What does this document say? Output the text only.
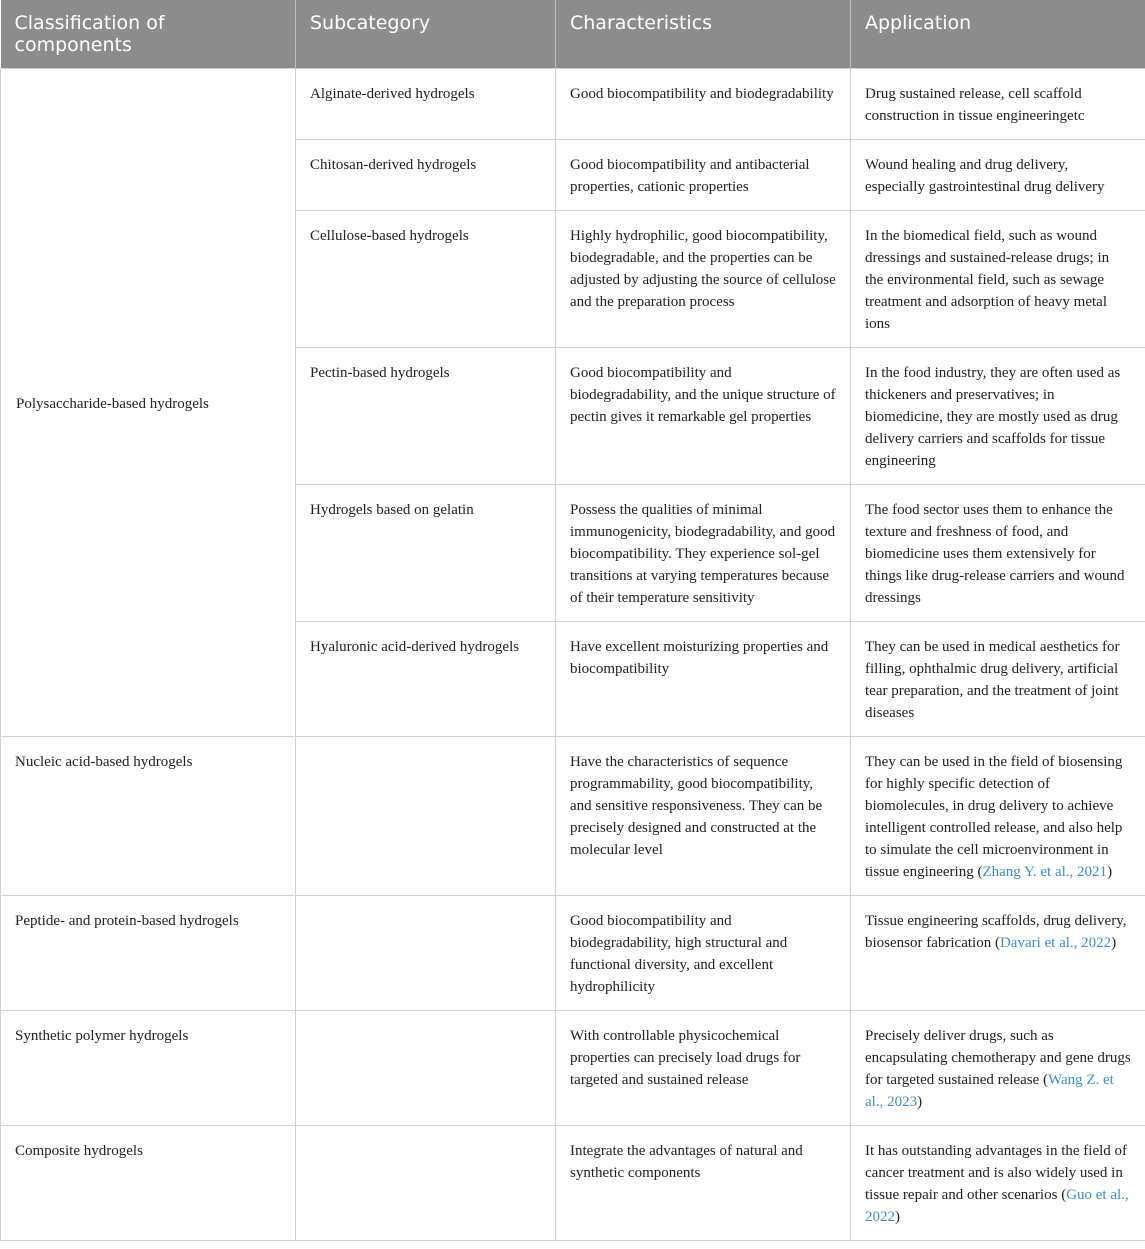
Classification of components	Subcategory	Characteristics	Application
Polysaccharide-based hydrogels	Alginate-derived hydrogels	Good biocompatibility and biodegradability	Drug sustained release, cell scaffold construction in tissue engineeringetc
	Chitosan-derived hydrogels	Good biocompatibility and antibacterial properties, cationic properties	Wound healing and drug delivery, especially gastrointestinal drug delivery
	Cellulose-based hydrogels	Highly hydrophilic, good biocompatibility, biodegradable, and the properties can be adjusted by adjusting the source of cellulose and the preparation process	In the biomedical field, such as wound dressings and sustained-release drugs; in the environmental field, such as sewage treatment and adsorption of heavy metal ions
	Pectin-based hydrogels	Good biocompatibility and biodegradability, and the unique structure of pectin gives it remarkable gel properties	In the food industry, they are often used as thickeners and preservatives; in biomedicine, they are mostly used as drug delivery carriers and scaffolds for tissue engineering
	Hydrogels based on gelatin	Possess the qualities of minimal immunogenicity, biodegradability, and good biocompatibility. They experience sol-gel transitions at varying temperatures because of their temperature sensitivity	The food sector uses them to enhance the texture and freshness of food, and biomedicine uses them extensively for things like drug-release carriers and wound dressings
	Hyaluronic acid-derived hydrogels	Have excellent moisturizing properties and biocompatibility	They can be used in medical aesthetics for filling, ophthalmic drug delivery, artificial tear preparation, and the treatment of joint diseases
Nucleic acid-based hydrogels		Have the characteristics of sequence programmability, good biocompatibility, and sensitive responsiveness. They can be precisely designed and constructed at the molecular level	They can be used in the field of biosensing for highly specific detection of biomolecules, in drug delivery to achieve intelligent controlled release, and also help to simulate the cell microenvironment in tissue engineering (Zhang Y. et al., 2021)
Peptide- and protein-based hydrogels		Good biocompatibility and biodegradability, high structural and functional diversity, and excellent hydrophilicity	Tissue engineering scaffolds, drug delivery, biosensor fabrication (Davari et al., 2022)
Synthetic polymer hydrogels		With controllable physicochemical properties can precisely load drugs for targeted and sustained release	Precisely deliver drugs, such as encapsulating chemotherapy and gene drugs for targeted sustained release (Wang Z. et al., 2023)
Composite hydrogels		Integrate the advantages of natural and synthetic components	It has outstanding advantages in the field of cancer treatment and is also widely used in tissue repair and other scenarios (Guo et al., 2022)
